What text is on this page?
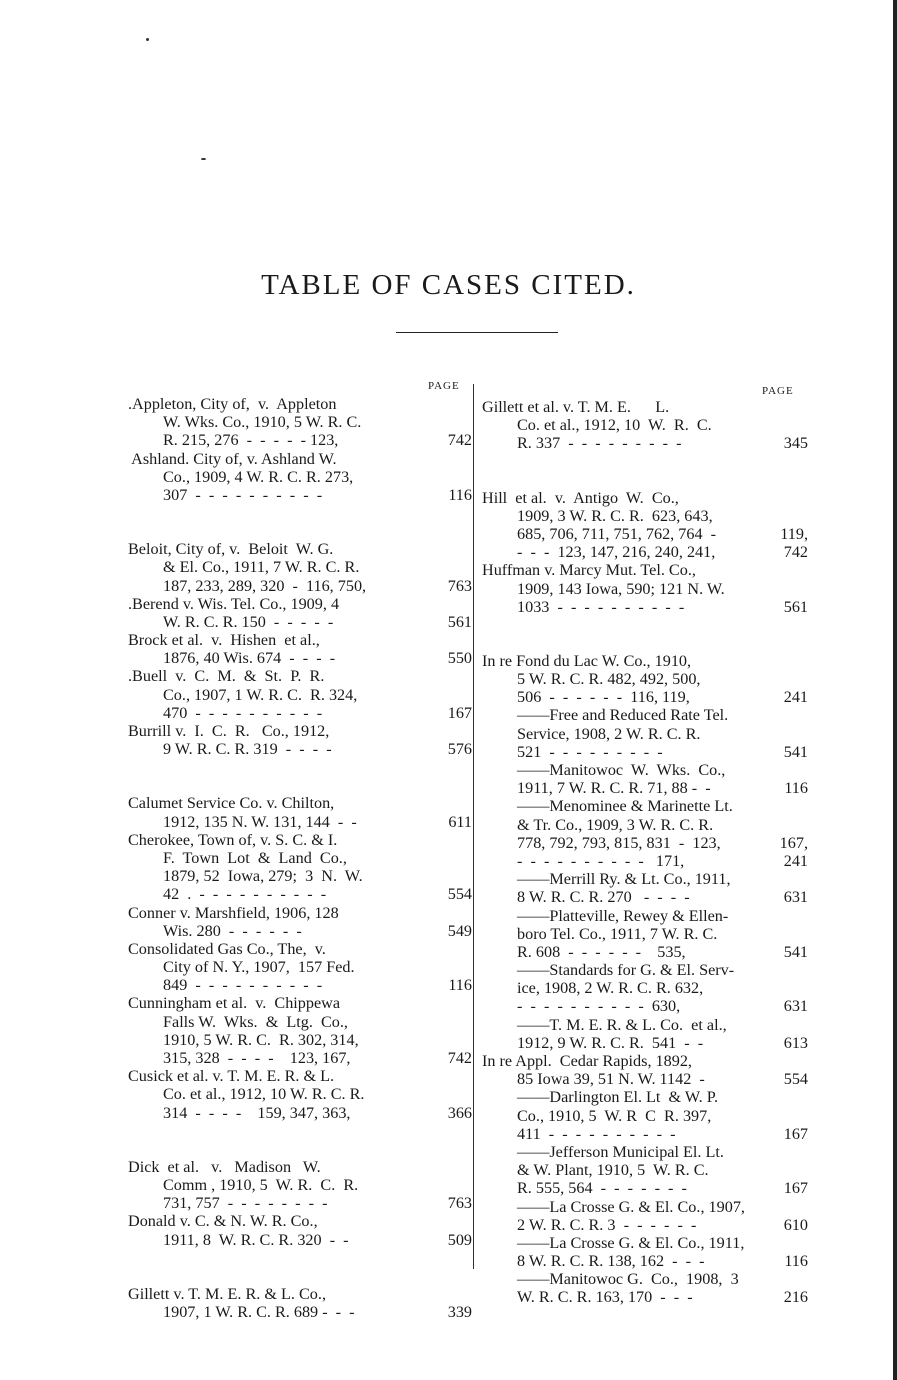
TABLE OF CASES CITED.
PAGE	PAGE
.Appleton, City of,  v.  Appleton
W. Wks. Co., 1910, 5 W. R. C.
R. 215, 276  -  -  -  -  - 123,	742
Ashland. City of, v. Ashland W.
Co., 1909, 4 W. R. C. R. 273,
307  -  -  -  -  -  -  -  -  -  -	116
Beloit, City of, v.  Beloit  W. G.
& El. Co., 1911, 7 W. R. C. R.
187, 233, 289, 320  -  116, 750,	763
.Berend v. Wis. Tel. Co., 1909, 4
W. R. C. R. 150  -  -  -  -  -	561
Brock et al.  v.  Hishen  et al.,
1876, 40 Wis. 674  -  -  -  -	550
.Buell  v.  C.  M.  &  St.  P.  R.
Co., 1907, 1 W. R. C.  R. 324,
470  -  -  -  -  -  -  -  -  -  -	167
Burrill v.  I.  C.  R.   Co., 1912,
9 W. R. C. R. 319  -  -  -  -	576
Calumet Service Co. v. Chilton,
1912, 135 N. W. 131, 144  -  -	611
Cherokee, Town of, v. S. C. & I.
F.  Town  Lot  &  Land  Co.,
1879, 52  Iowa, 279;  3  N.  W.
42  .  -  -  -  -  -  -  -  -  -  -	554
Conner v. Marshfield, 1906, 128
Wis. 280  -  -  -  -  -  -	549
Consolidated Gas Co., The,  v.
City of N. Y., 1907,  157 Fed.
849  -  -  -  -  -  -  -  -  -  -	116
Cunningham et al.  v.  Chippewa
Falls W.  Wks.  &  Ltg.  Co.,
1910, 5 W. R. C.  R. 302, 314,
315, 328  -  -  -  -    123, 167,	742
Cusick et al. v. T. M. E. R. & L.
Co. et al., 1912, 10 W. R. C. R.
314  -  -  -  -    159, 347, 363,	366
Dick  et al.   v.   Madison   W.
Comm , 1910, 5  W. R.  C.  R.
731, 757  -  -  -  -  -  -  -  -	763
Donald v. C. & N. W. R. Co.,
1911, 8  W. R. C. R. 320  -  -	509
Gillett v. T. M. E. R. & L. Co.,
1907, 1 W. R. C. R. 689 -  -  -	339
Gillett et al. v. T. M. E.      L.
Co. et al., 1912, 10  W.  R.  C.
R. 337  -  -  -  -  -  -  -  -  -	345
Hill  et al.  v.  Antigo  W.  Co.,
1909, 3 W. R. C. R.  623, 643,
685, 706, 711, 751, 762, 764  -	119,
-  -  -  123, 147, 216, 240, 241,	742
Huffman v. Marcy Mut. Tel. Co.,
1909, 143 Iowa, 590; 121 N. W.
1033  -  -  -  -  -  -  -  -  -  -	561
In re Fond du Lac W. Co., 1910,
5 W. R. C. R. 482, 492, 500,
506  -  -  -  -  -  -  116, 119,	241
——Free and Reduced Rate Tel.
Service, 1908, 2 W. R. C. R.
521  -  -  -  -  -  -  -  -  -	541
——Manitowoc  W.  Wks.  Co.,
1911, 7 W. R. C. R. 71, 88 -  -	116
——Menominee & Marinette Lt.
& Tr. Co., 1909, 3 W. R. C. R.
778, 792, 793, 815, 831  -  123,	167,
-  -  -  -  -  -  -  -  -  -   171,	241
——Merrill Ry. & Lt. Co., 1911,
8 W. R. C. R. 270   -  -  -  -	631
——Platteville, Rewey & Ellen-
boro Tel. Co., 1911, 7 W. R. C.
R. 608  -  -  -  -  -  -    535,	541
——Standards for G. & El. Serv-
ice, 1908, 2 W. R. C. R. 632,
-  -  -  -  -  -  -  -  -  -  630,	631
——T. M. E. R. & L. Co.  et al.,
1912, 9 W. R. C. R.  541  -  -	613
In re Appl.  Cedar Rapids, 1892,
85 Iowa 39, 51 N. W. 1142  -	554
——Darlington El. Lt  & W. P.
Co., 1910, 5  W. R  C  R. 397,
411  -  -  -  -  -  -  -  -  -  -	167
——Jefferson Municipal El. Lt.
& W. Plant, 1910, 5  W. R. C.
R. 555, 564  -  -  -  -  -  -  -	167
——La Crosse G. & El. Co., 1907,
2 W. R. C. R. 3  -  -  -  -  -  -	610
——La Crosse G. & El. Co., 1911,
8 W. R. C. R. 138, 162  -  -  -	116
——Manitowoc G.  Co.,  1908,  3
W. R. C. R. 163, 170  -  -  -	216
